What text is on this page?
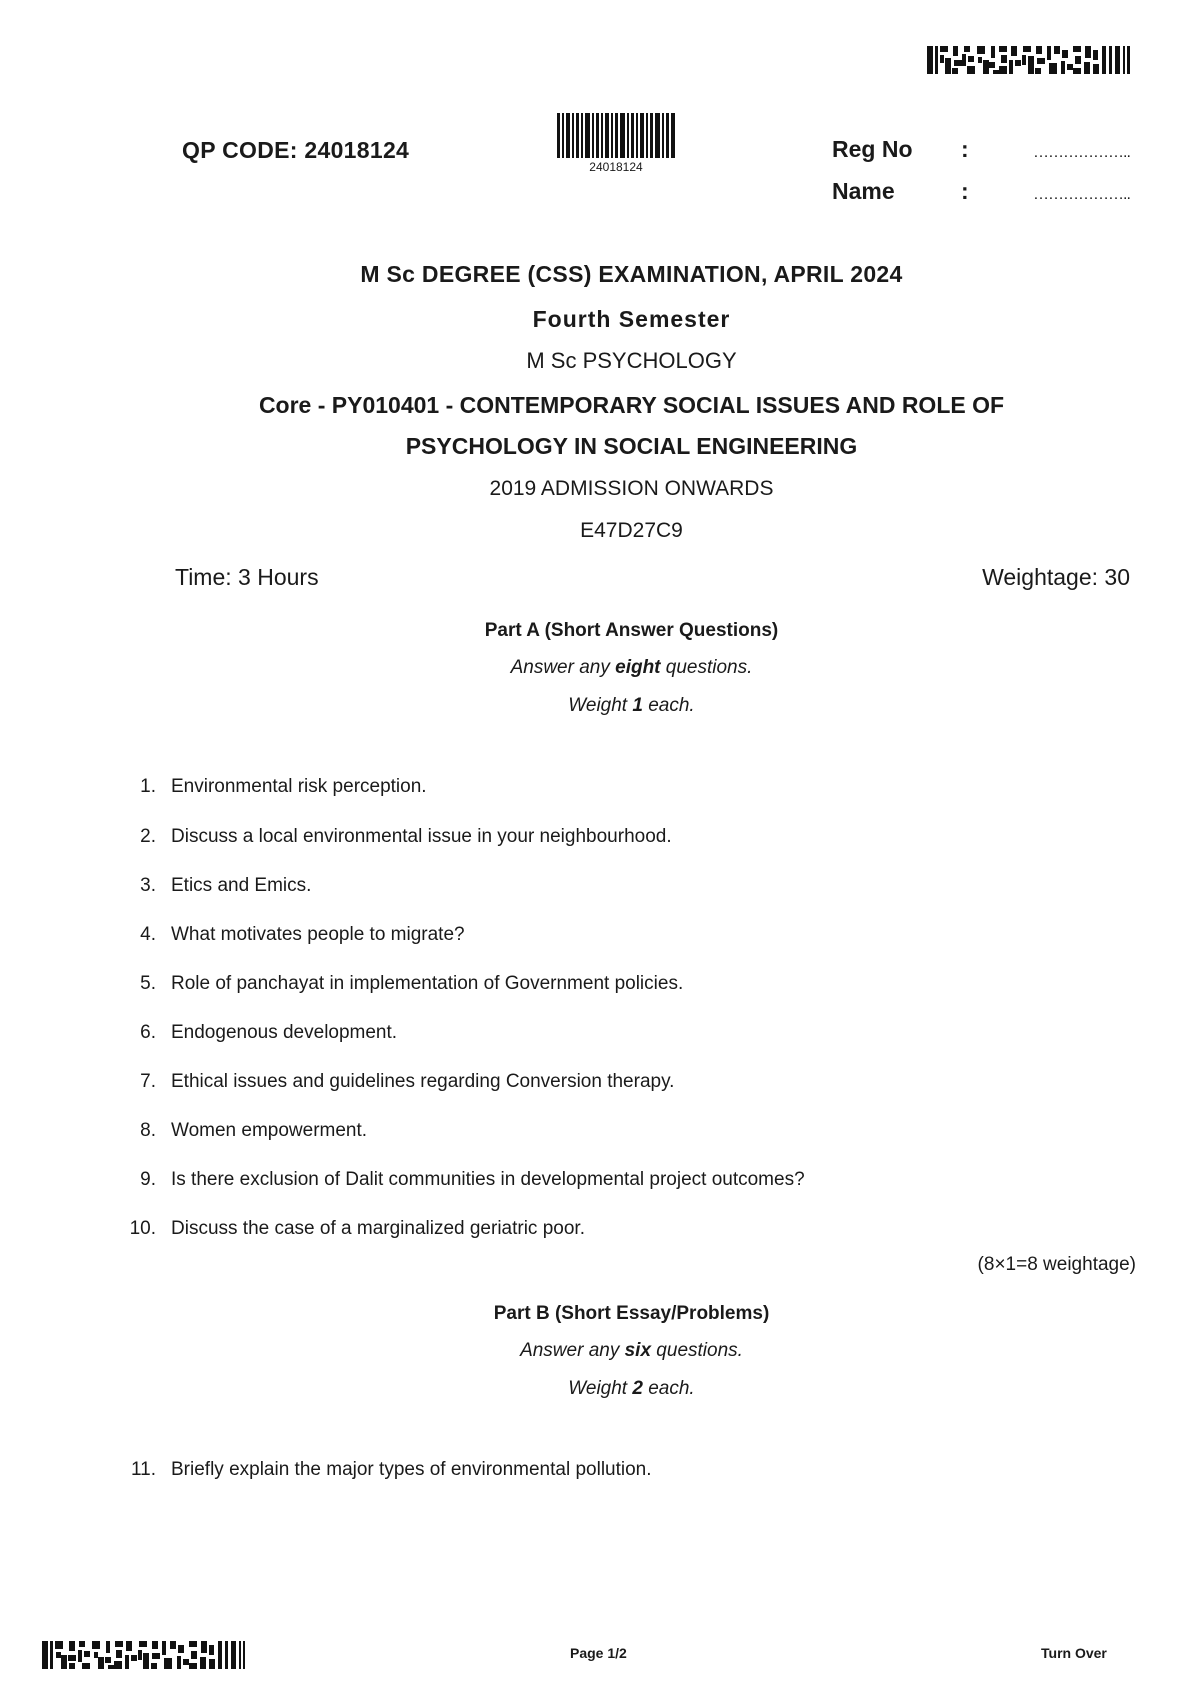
24018124
QP CODE: 24018124	Reg No :	………………..
Name	:	………………..
M Sc DEGREE (CSS) EXAMINATION, APRIL 2024
Fourth Semester
M Sc PSYCHOLOGY
Core - PY010401 - CONTEMPORARY SOCIAL ISSUES AND ROLE OF
PSYCHOLOGY IN SOCIAL ENGINEERING
2019 ADMISSION ONWARDS
E47D27C9
Time: 3 Hours	Weightage: 30
Part A (Short Answer Questions)
Answer any eight questions.
Weight 1 each.
1. Environmental risk perception.
2. Discuss a local environmental issue in your neighbourhood.
3. Etics and Emics.
4. What motivates people to migrate?
5. Role of panchayat in implementation of Government policies.
6. Endogenous development.
7. Ethical issues and guidelines regarding Conversion therapy.
8. Women empowerment.
9. Is there exclusion of Dalit communities in developmental project outcomes?
10. Discuss the case of a marginalized geriatric poor.
(8×1=8 weightage)
Part B (Short Essay/Problems)
Answer any six questions.
Weight 2 each.
11. Briefly explain the major types of environmental pollution.
Page 1/2	Turn Over
